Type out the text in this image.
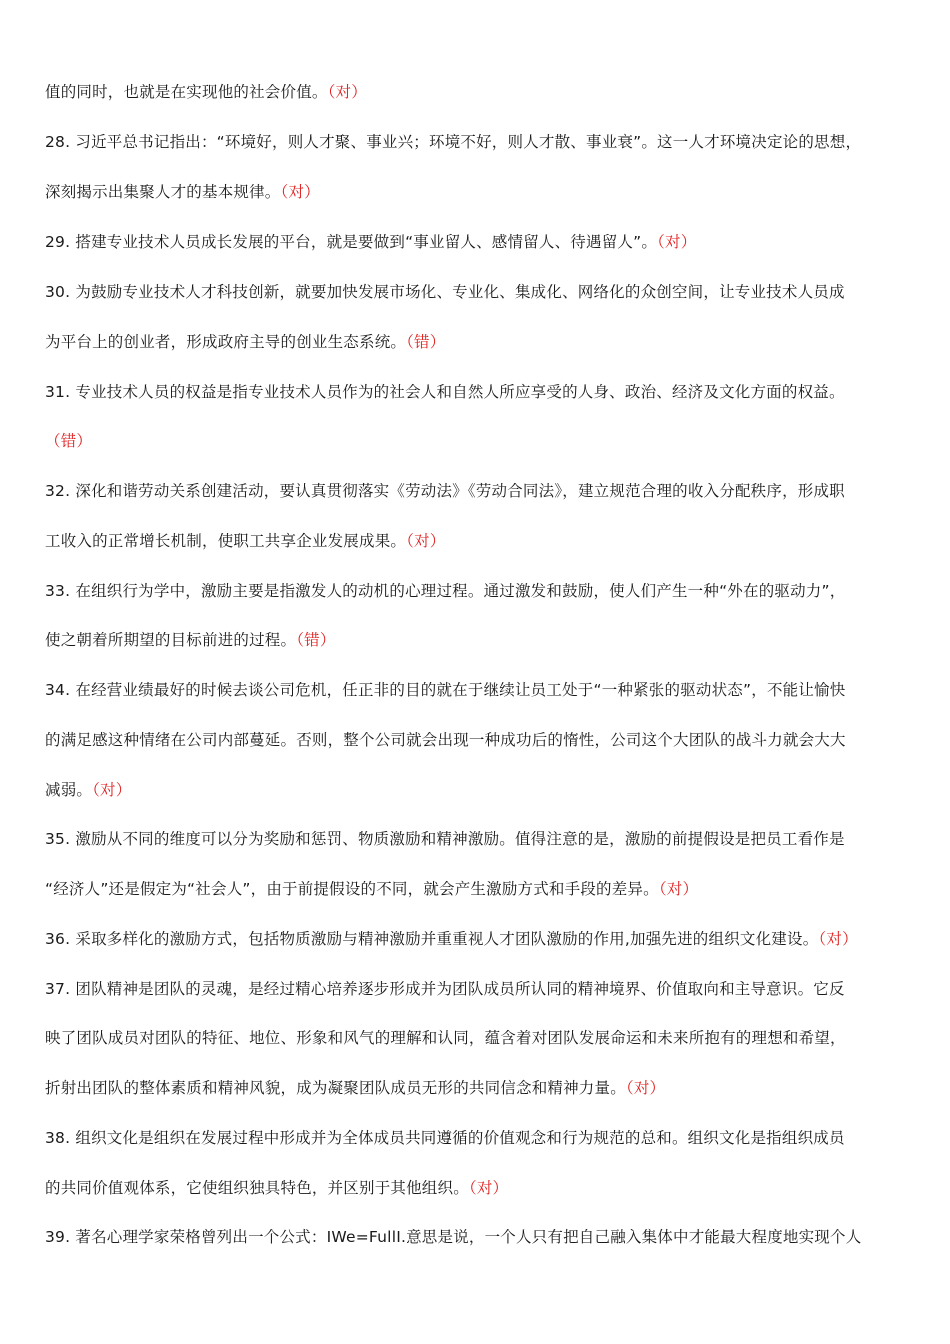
值的同时，也就是在实现他的社会价值。（对）
28. 习近平总书记指出：“环境好，则人才聚、事业兴；环境不好，则人才散、事业衰”。这一人才环境决定论的思想，
深刻揭示出集聚人才的基本规律。（对）
29. 搭建专业技术人员成长发展的平台，就是要做到“事业留人、感情留人、待遇留人”。（对）
30. 为鼓励专业技术人才科技创新，就要加快发展市场化、专业化、集成化、网络化的众创空间，让专业技术人员成
为平台上的创业者，形成政府主导的创业生态系统。（错）
31. 专业技术人员的权益是指专业技术人员作为的社会人和自然人所应享受的人身、政治、经济及文化方面的权益。
（错）
32. 深化和谐劳动关系创建活动，要认真贯彻落实《劳动法》《劳动合同法》，建立规范合理的收入分配秩序，形成职
工收入的正常增长机制，使职工共享企业发展成果。（对）
33. 在组织行为学中，激励主要是指激发人的动机的心理过程。通过激发和鼓励，使人们产生一种“外在的驱动力”，
使之朝着所期望的目标前进的过程。（错）
34. 在经营业绩最好的时候去谈公司危机，任正非的目的就在于继续让员工处于“一种紧张的驱动状态”，不能让愉快
的满足感这种情绪在公司内部蔓延。否则，整个公司就会出现一种成功后的惰性，公司这个大团队的战斗力就会大大
减弱。（对）
35. 激励从不同的维度可以分为奖励和惩罚、物质激励和精神激励。值得注意的是，激励的前提假设是把员工看作是
“经济人”还是假定为“社会人”，由于前提假设的不同，就会产生激励方式和手段的差异。（对）
36. 采取多样化的激励方式，包括物质激励与精神激励并重重视人才团队激励的作用,加强先进的组织文化建设。（对）
37. 团队精神是团队的灵魂，是经过精心培养逐步形成并为团队成员所认同的精神境界、价值取向和主导意识。它反
映了团队成员对团队的特征、地位、形象和风气的理解和认同，蕴含着对团队发展命运和未来所抱有的理想和希望，
折射出团队的整体素质和精神风貌，成为凝聚团队成员无形的共同信念和精神力量。（对）
38. 组织文化是组织在发展过程中形成并为全体成员共同遵循的价值观念和行为规范的总和。组织文化是指组织成员
的共同价值观体系，它使组织独具特色，并区别于其他组织。（对）
39. 著名心理学家荣格曾列出一个公式：IWe=FullI.意思是说，一个人只有把自己融入集体中才能最大程度地实现个人
